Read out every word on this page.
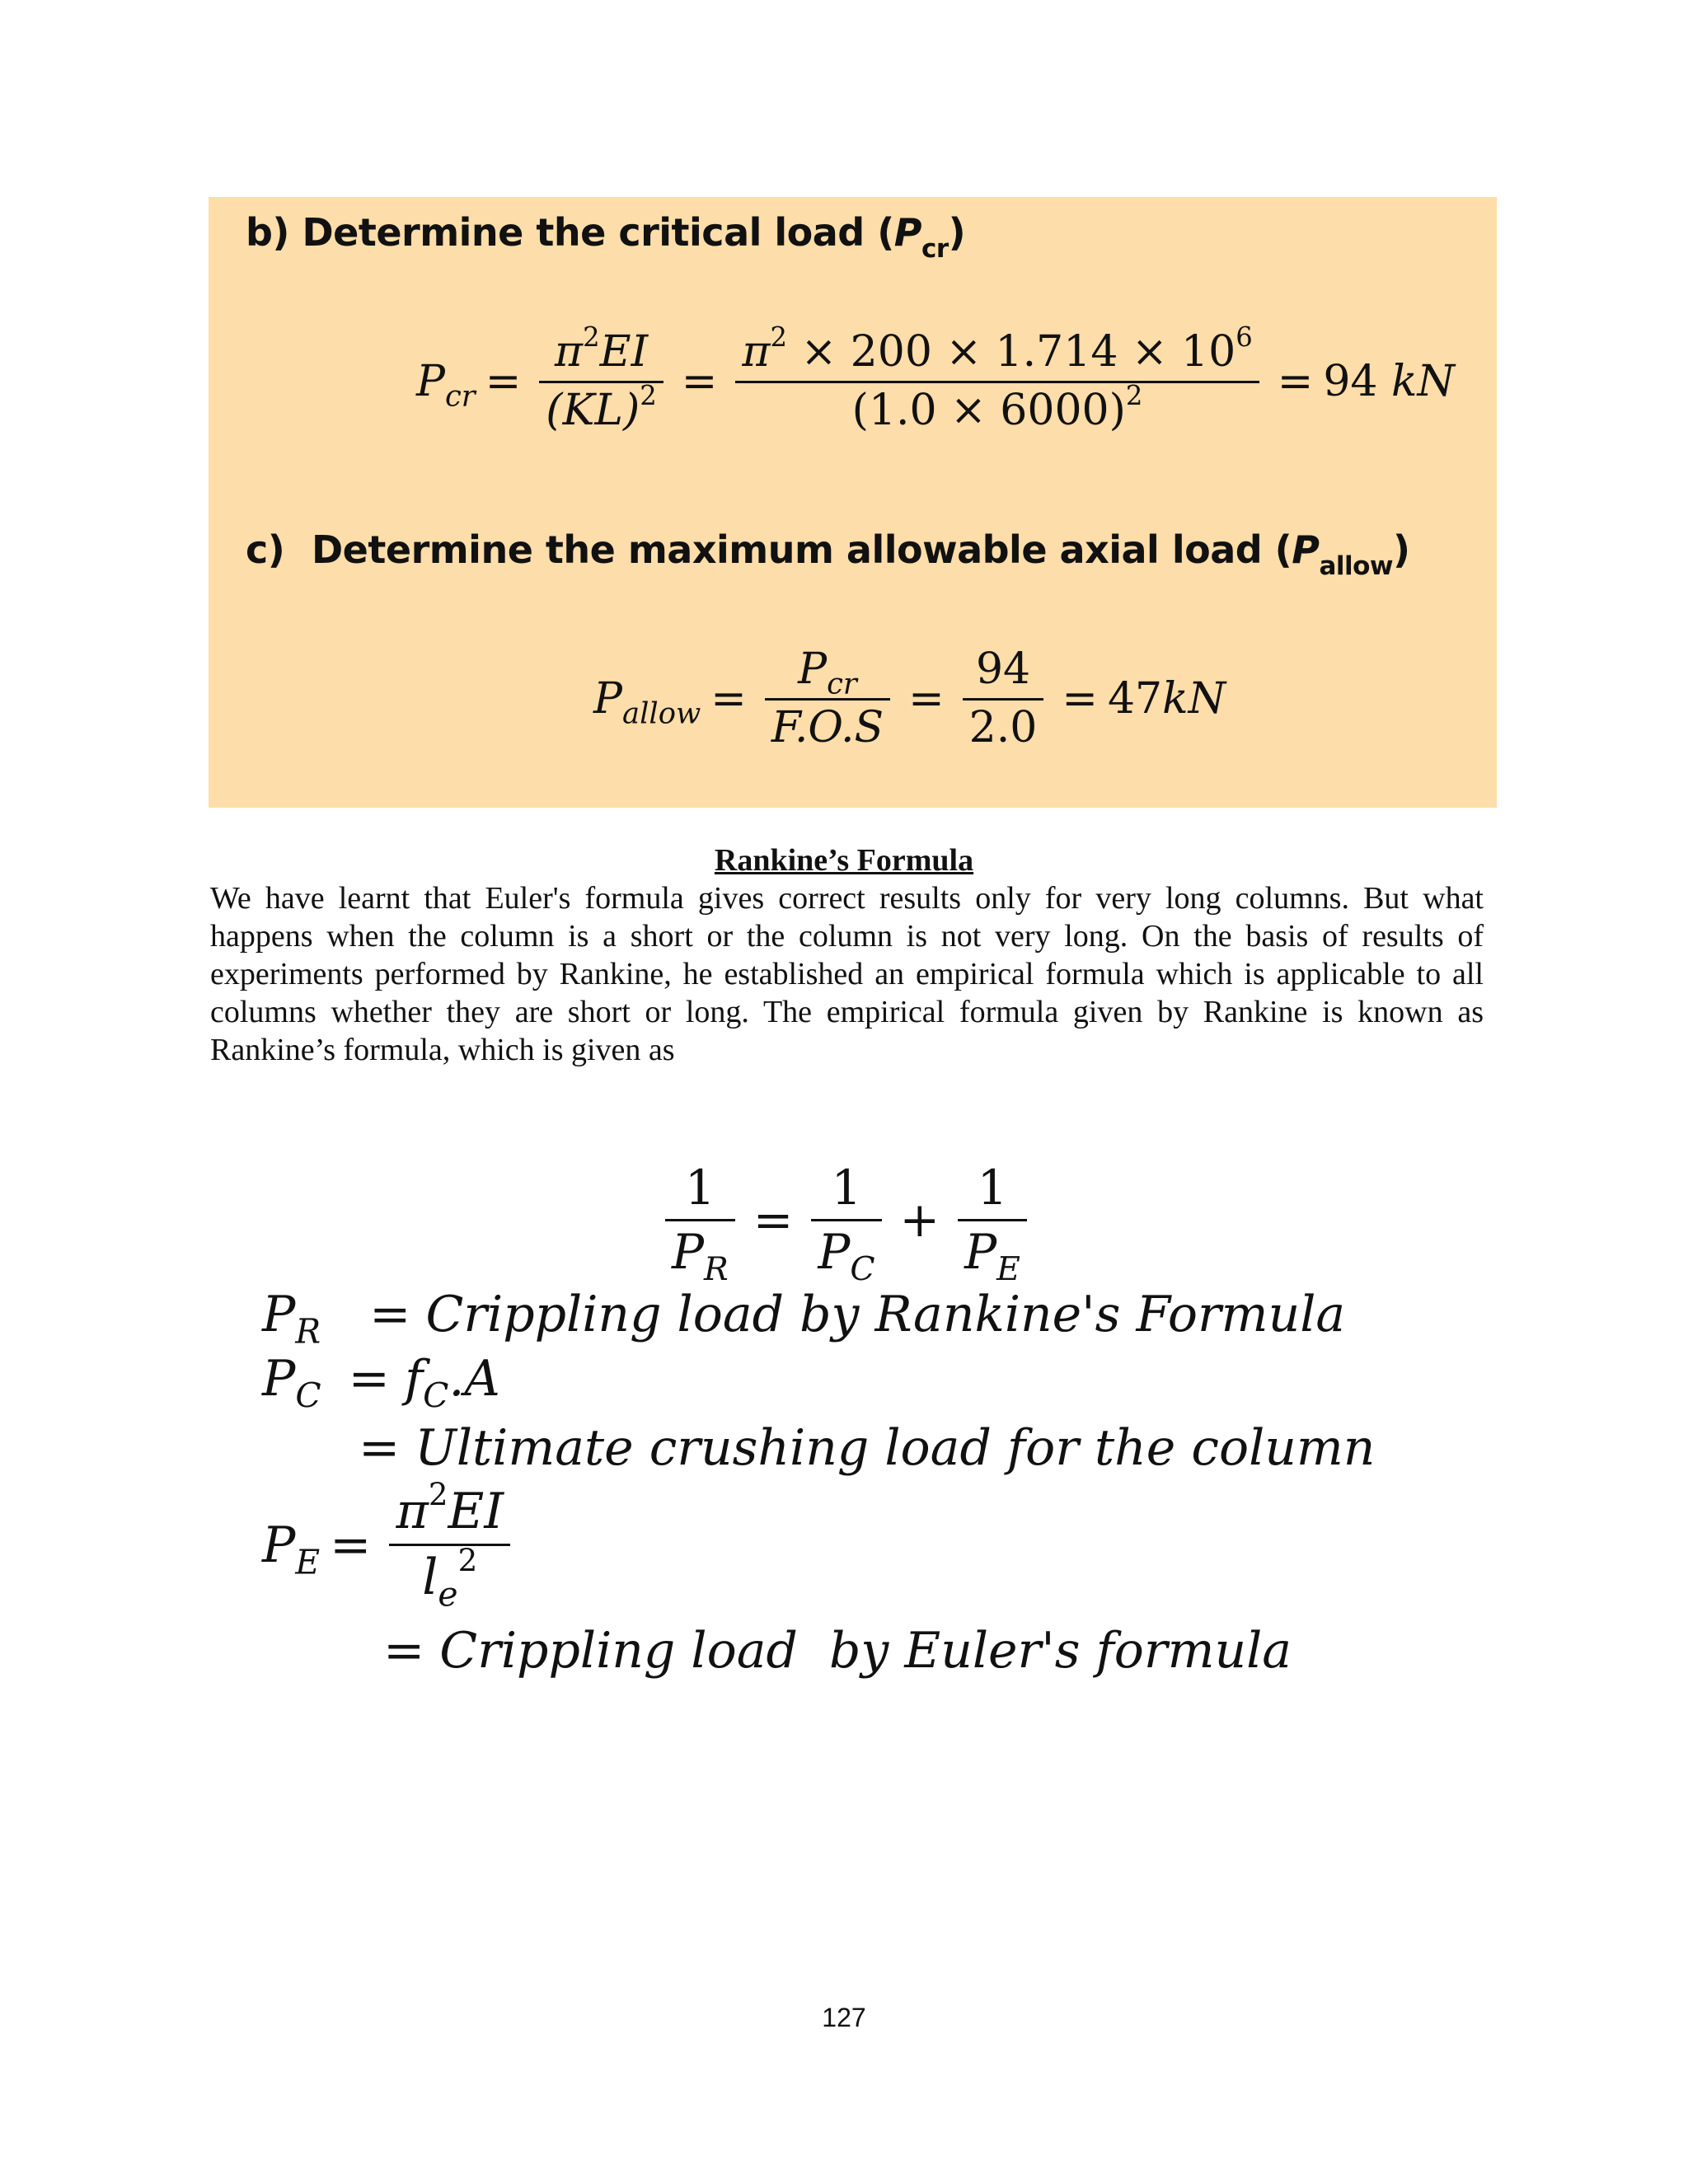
b) Determine the critical load $(P_{cr})$
$P_{cr} = \frac{\pi^2EI}{(KL)^2} = \frac{\pi^2 \times 200 \times 1.714 \times 10^6}{(1.0 \times 6000)^2} = 94$ kN
c) Determine the maximum allowable axial load $(P_{allow})$
$P_{allow} = \frac{P_{cr}}{F.O.S} = \frac{94}{2.0} = 47kN$
Rankine’s Formula

We have learnt that Euler's formula gives correct results only for very long columns. But what happens when the column is a short or the column is not very long. On the basis of results of experiments performed by Rankine, he established an empirical formula which is applicable to all columns whether they are short or long. The empirical formula given by Rankine is known as Rankine’s formula, which is given as

$\frac{1}{P_R} = \frac{1}{P_C} + \frac{1}{P_E}$
$P_R$ = Crippling load by Rankine's Formula
$P_C = f_C.A$
= Ultimate crushing load for the column
$P_E = \frac{\pi^2EI}{l_e^2}$
= Crippling load  by Euler's formula
127
